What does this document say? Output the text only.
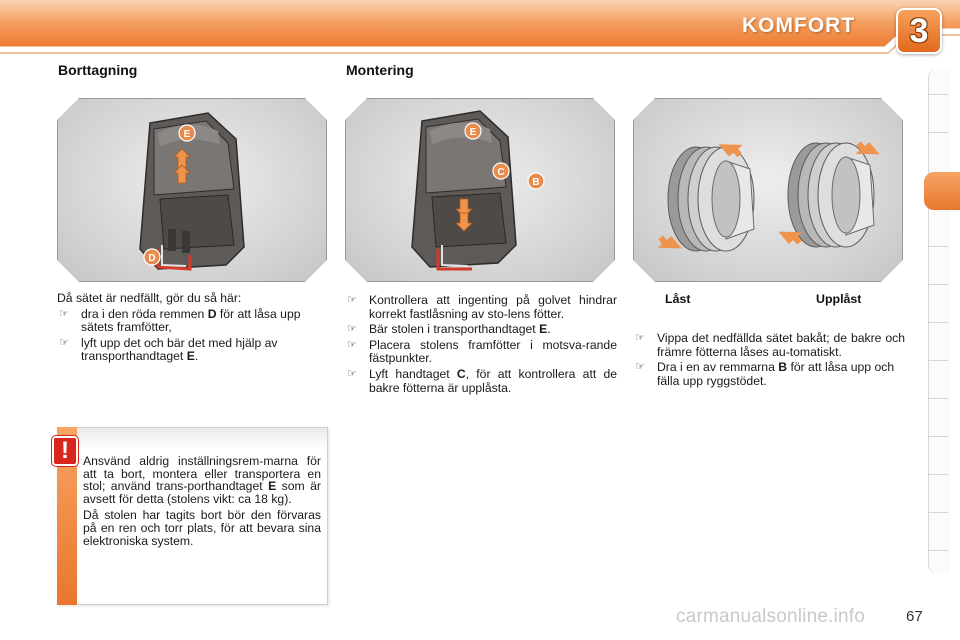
KOMFORT	3
Borttagning	Montering
E
D
E
C
B
Då sätet är nedfällt, gör du så här:
☞ dra i den röda remmen D för att låsa upp sätets framfötter,
☞ lyft upp det och bär det med hjälp av transporthandtaget E.
☞ Kontrollera att ingenting på golvet hindrar korrekt fastlåsning av sto-lens fötter.
☞ Bär stolen i transporthandtaget E.
☞ Placera stolens framfötter i motsva-rande fästpunkter.
☞ Lyft handtaget C, för att kontrollera att de bakre fötterna är upplåsta.
Låst	Upplåst
☞ Vippa det nedfällda sätet bakåt; de bakre och främre fötterna låses au-tomatiskt.
☞ Dra i en av remmarna B för att låsa upp och fälla upp ryggstödet.
!	Ansvänd aldrig inställningsrem-marna för att ta bort, montera eller transportera en stol; använd trans-porthandtaget E som är avsett för detta (stolens vikt: ca 18 kg).

Då stolen har tagits bort bör den förvaras på en ren och torr plats, för att bevara sina elektroniska system.

carmanualsonline.info	67
